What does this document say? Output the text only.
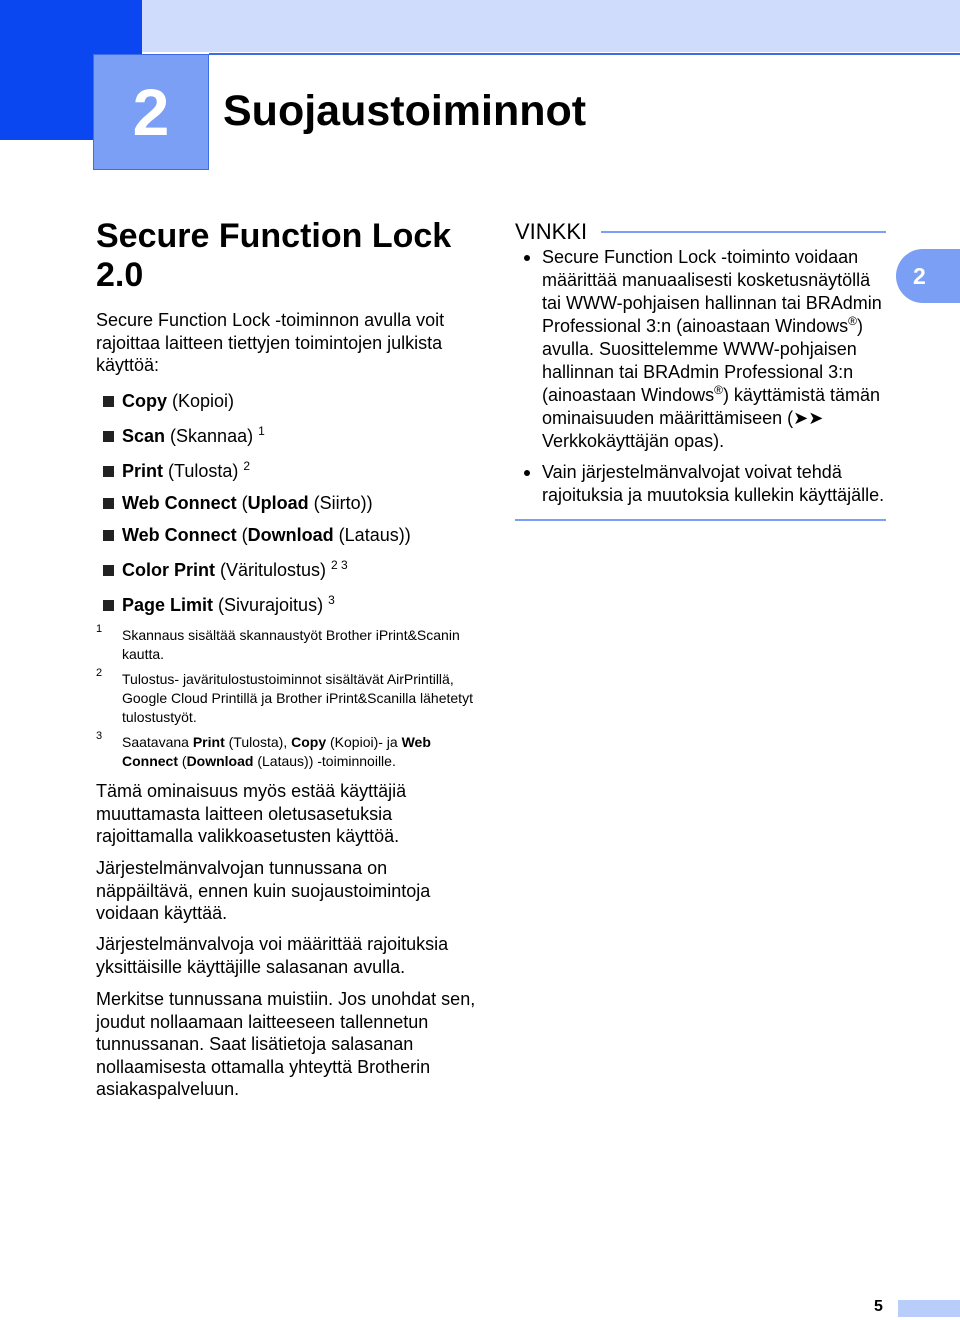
2 Suojaustoiminnot
2
Secure Function Lock
2.0

Secure Function Lock -toiminnon avulla voit rajoittaa laitteen tiettyjen toimintojen julkista käyttöä:

Copy (Kopioi)
Scan (Skannaa) $^1$
Print (Tulosta) $^2$
Web Connect (Upload (Siirto))
Web Connect (Download (Lataus))
Color Print (Väritulostus) $^{2 3}$
Page Limit (Sivurajoitus) $^3$
1 Skannaus sisältää skannaustyöt Brother iPrint&Scanin kautta.
2 Tulostus- javäritulostustoiminnot sisältävät AirPrintillä, Google Cloud Printillä ja Brother iPrint&Scanilla lähetetyt tulostustyöt.
3 Saatavana Print (Tulosta), Copy (Kopioi)- ja Web Connect (Download (Lataus)) -toiminnoille.

Tämä ominaisuus myös estää käyttäjiä muuttamasta laitteen oletusasetuksia rajoittamalla valikkoasetusten käyttöä.

Järjestelmänvalvojan tunnussana on näppäiltävä, ennen kuin suojaustoimintoja voidaan käyttää.

Järjestelmänvalvoja voi määrittää rajoituksia yksittäisille käyttäjille salasanan avulla.

Merkitse tunnussana muistiin. Jos unohdat sen, joudut nollaamaan laitteeseen tallennetun tunnussanan. Saat lisätietoja salasanan nollaamisesta ottamalla yhteyttä Brotherin asiakaspalveluun.

VINKKI
Secure Function Lock -toiminto voidaan määrittää manuaalisesti kosketusnäytöllä tai WWW-pohjaisen hallinnan tai BRAdmin Professional 3:n (ainoastaan Windows®) avulla. Suosittelemme WWW-pohjaisen hallinnan tai BRAdmin Professional 3:n (ainoastaan Windows®) käyttämistä tämän ominaisuuden määrittämiseen (➤➤ Verkkokäyttäjän opas).
Vain järjestelmänvalvojat voivat tehdä rajoituksia ja muutoksia kullekin käyttäjälle.
5
